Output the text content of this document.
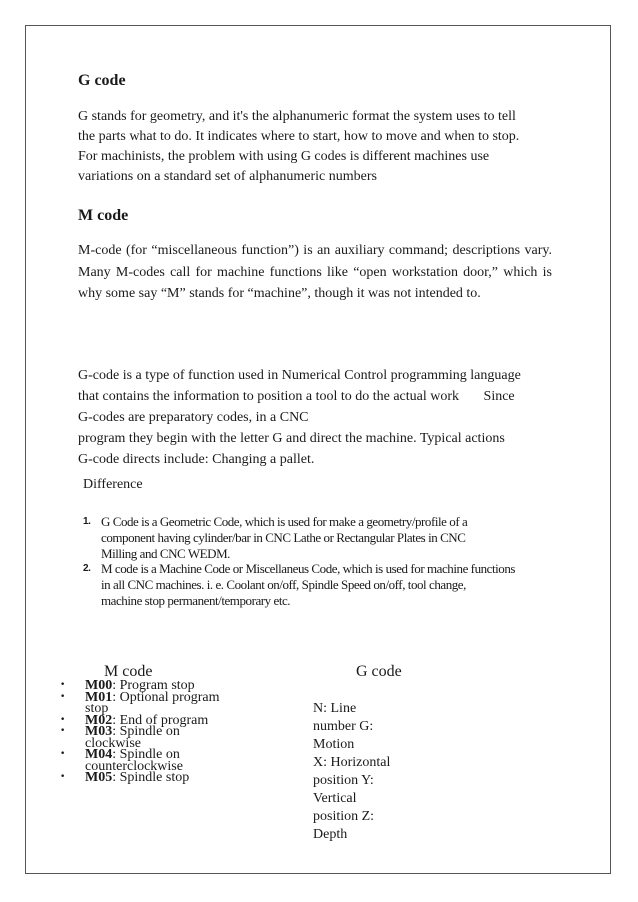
G code

G stands for geometry, and it's the alphanumeric format the system uses to tell

the parts what to do. It indicates where to start, how to move and when to stop.

For machinists, the problem with using G codes is different machines use

variations on a standard set of alphanumeric numbers

M code
M-code (for “miscellaneous function”) is an auxiliary command; descriptions vary. Many M-codes call for machine functions like “open workstation door,” which is why some say “M” stands for “machine”, though it was not intended to.

G-code is a type of function used in Numerical Control programming language

that contains the information to position a tool to do the actual work       Since

G-codes are preparatory codes, in a CNC

program they begin with the letter G and direct the machine. Typical actions

G-code directs include: Changing a pallet.

Difference
1. G Code is a Geometric Code, which is used for make a geometry/profile of a
component having cylinder/bar in CNC Lathe or Rectangular Plates in CNC
Milling and CNC WEDM.
2. M code is a Machine Code or Miscellaneus Code, which is used for machine functions
in all CNC machines. i. e. Coolant on/off, Spindle Speed on/off, tool change,
machine stop permanent/temporary etc.
M code	G code
• M00: Program stop
• M01: Optional program
stop
• M02: End of program
• M03: Spindle on
clockwise
• M04: Spindle on
counterclockwise
• M05: Spindle stop
N: Line
number G:
Motion
X: Horizontal
position Y:
Vertical
position Z:
Depth
